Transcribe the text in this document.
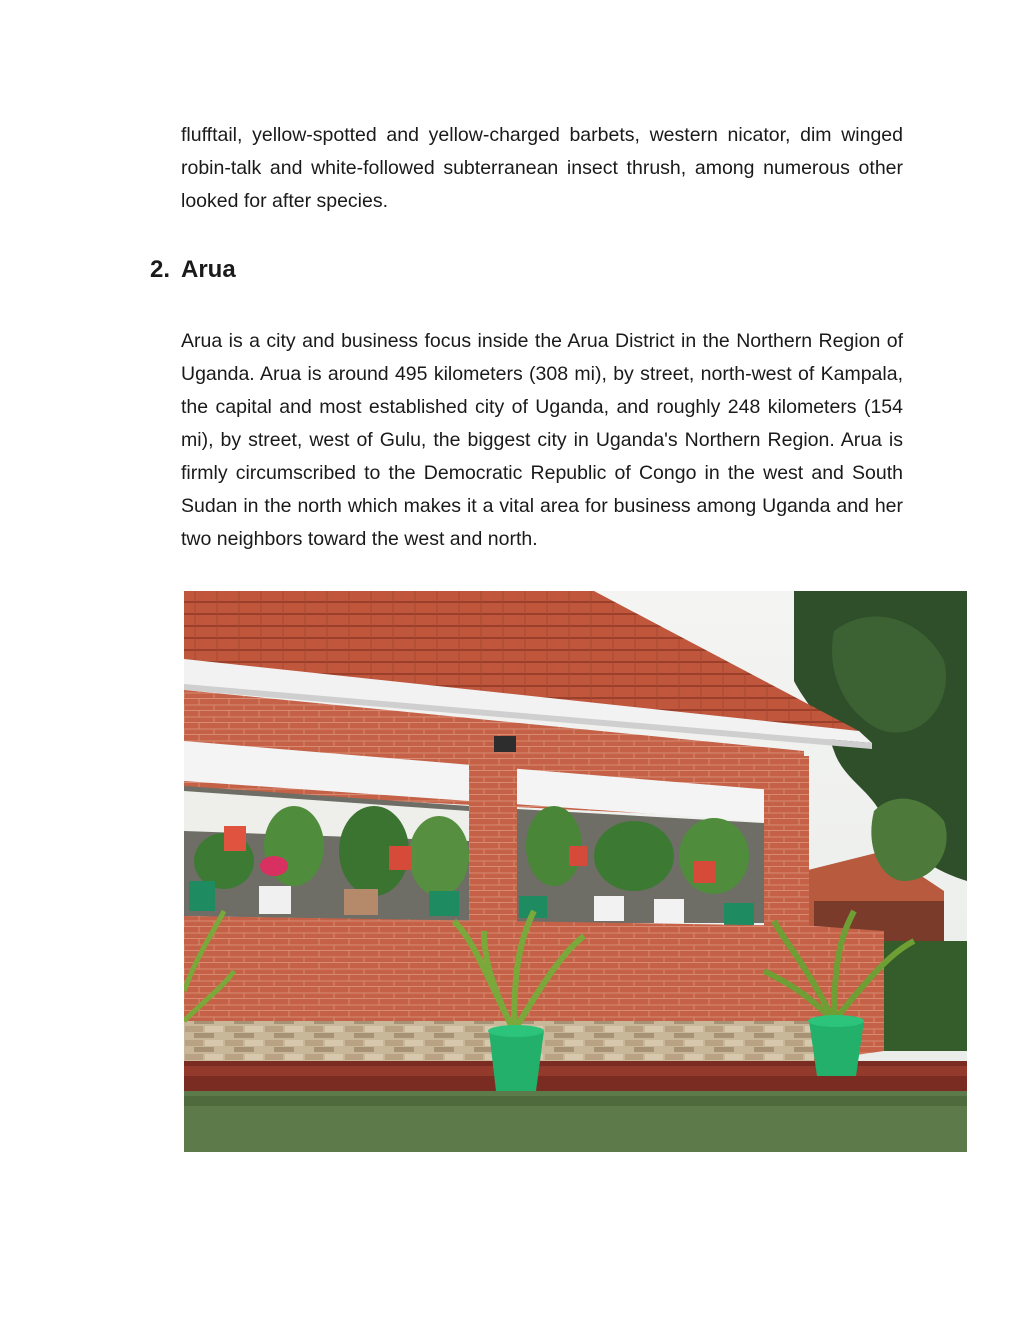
flufftail, yellow-spotted and yellow-charged barbets, western nicator, dim winged robin-talk and white-followed subterranean insect thrush, among numerous other looked for after species.

2. Arua

Arua is a city and business focus inside the Arua District in the Northern Region of Uganda. Arua is around 495 kilometers (308 mi), by street, north-west of Kampala, the capital and most established city of Uganda, and roughly 248 kilometers (154 mi), by street, west of Gulu, the biggest city in Uganda's Northern Region. Arua is firmly circumscribed to the Democratic Republic of Congo in the west and South Sudan in the north which makes it a vital area for business among Uganda and her two neighbors toward the west and north.
